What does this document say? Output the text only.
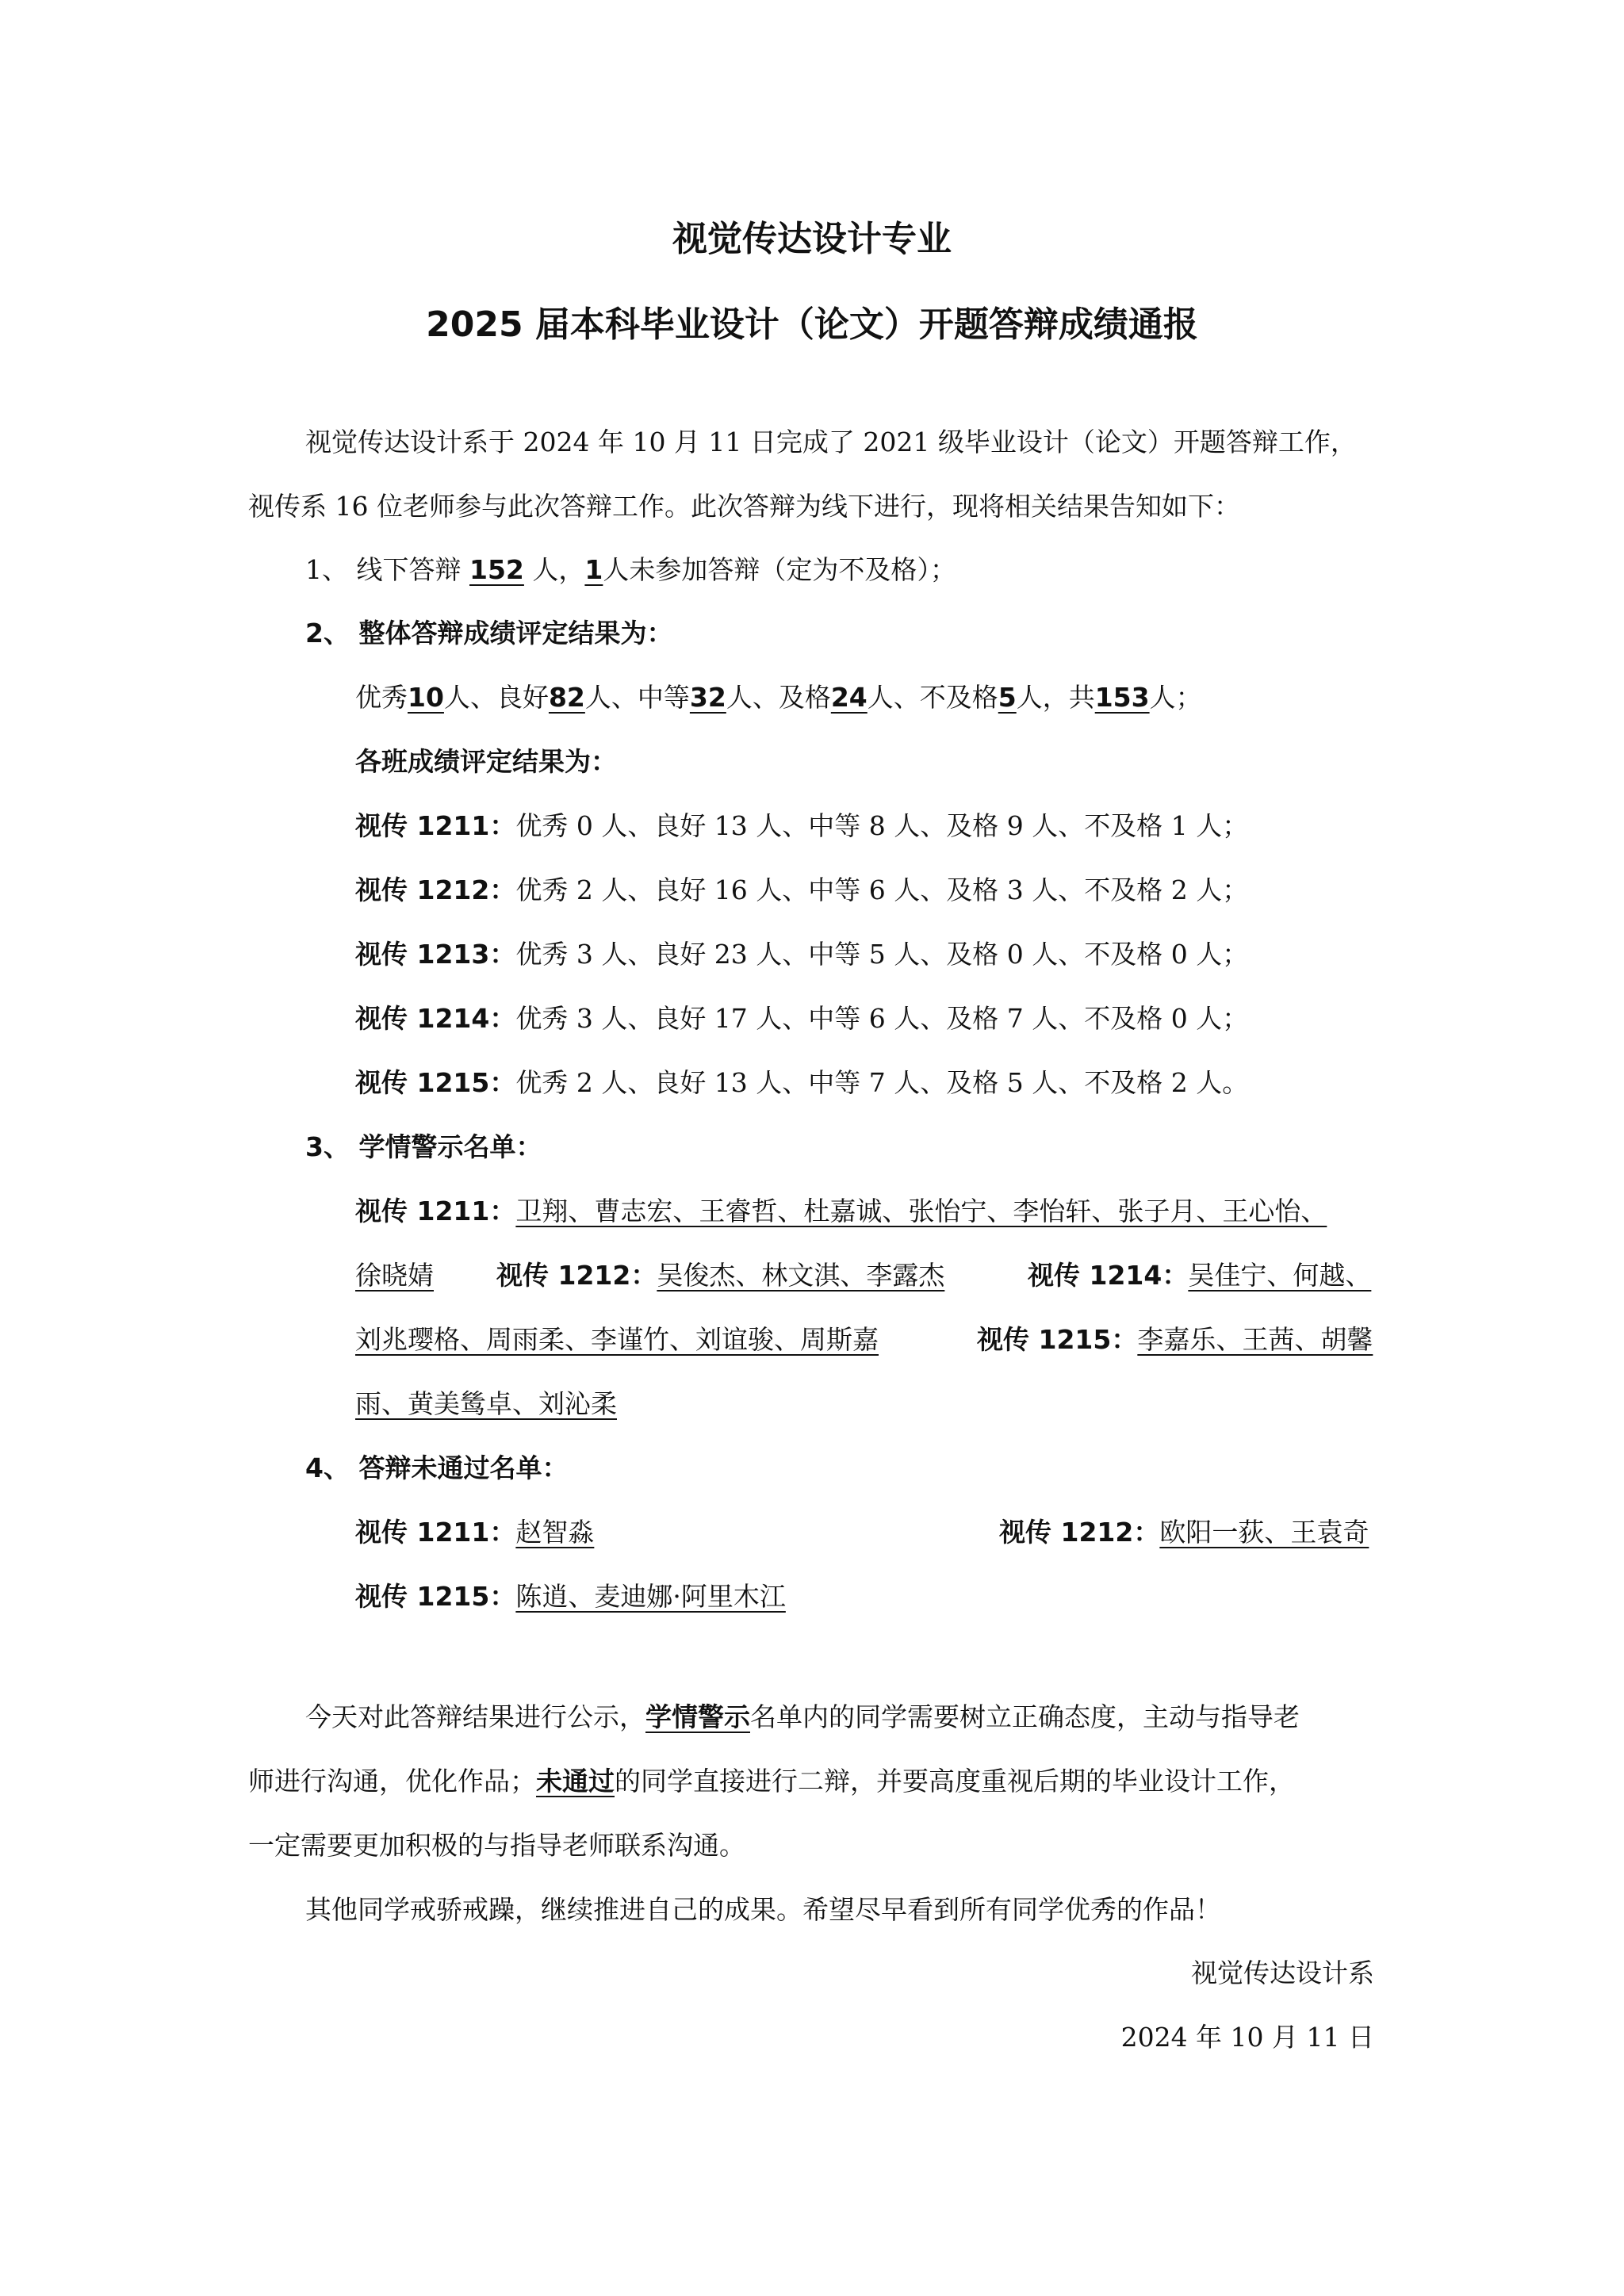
视觉传达设计专业
2025 届本科毕业设计（论文）开题答辩成绩通报
视觉传达设计系于 2024 年 10 月 11 日完成了 2021 级毕业设计（论文）开题答辩工作，
视传系 16 位老师参与此次答辩工作。此次答辩为线下进行，现将相关结果告知如下：
1、 线下答辩 152 人，1人未参加答辩（定为不及格）；
2、 整体答辩成绩评定结果为：
优秀10人、良好82人、中等32人、及格24人、不及格5人，共153人；
各班成绩评定结果为：
视传 1211：优秀 0 人、良好 13 人、中等 8 人、及格 9 人、不及格 1 人；
视传 1212：优秀 2 人、良好 16 人、中等 6 人、及格 3 人、不及格 2 人；
视传 1213：优秀 3 人、良好 23 人、中等 5 人、及格 0 人、不及格 0 人；
视传 1214：优秀 3 人、良好 17 人、中等 6 人、及格 7 人、不及格 0 人；
视传 1215：优秀 2 人、良好 13 人、中等 7 人、及格 5 人、不及格 2 人。
3、 学情警示名单：
视传 1211：卫翔、曹志宏、王睿哲、杜嘉诚、张怡宁、李怡轩、张子月、王心怡、
徐晓婧 视传 1212：吴俊杰、林文淇、李露杰	视传 1214：吴佳宁、何越、
刘兆璎格、周雨柔、李谨竹、刘谊骏、周斯嘉	视传 1215：李嘉乐、王茜、胡馨
雨、黄美鸶卓、刘沁柔
4、 答辩未通过名单：
视传 1211：赵智淼	视传 1212：欧阳一荻、王袁奇
视传 1215：陈逍、麦迪娜·阿里木江
今天对此答辩结果进行公示，学情警示名单内的同学需要树立正确态度，主动与指导老
师进行沟通，优化作品；未通过的同学直接进行二辩，并要高度重视后期的毕业设计工作，
一定需要更加积极的与指导老师联系沟通。
其他同学戒骄戒躁，继续推进自己的成果。希望尽早看到所有同学优秀的作品！
视觉传达设计系
2024 年 10 月 11 日
